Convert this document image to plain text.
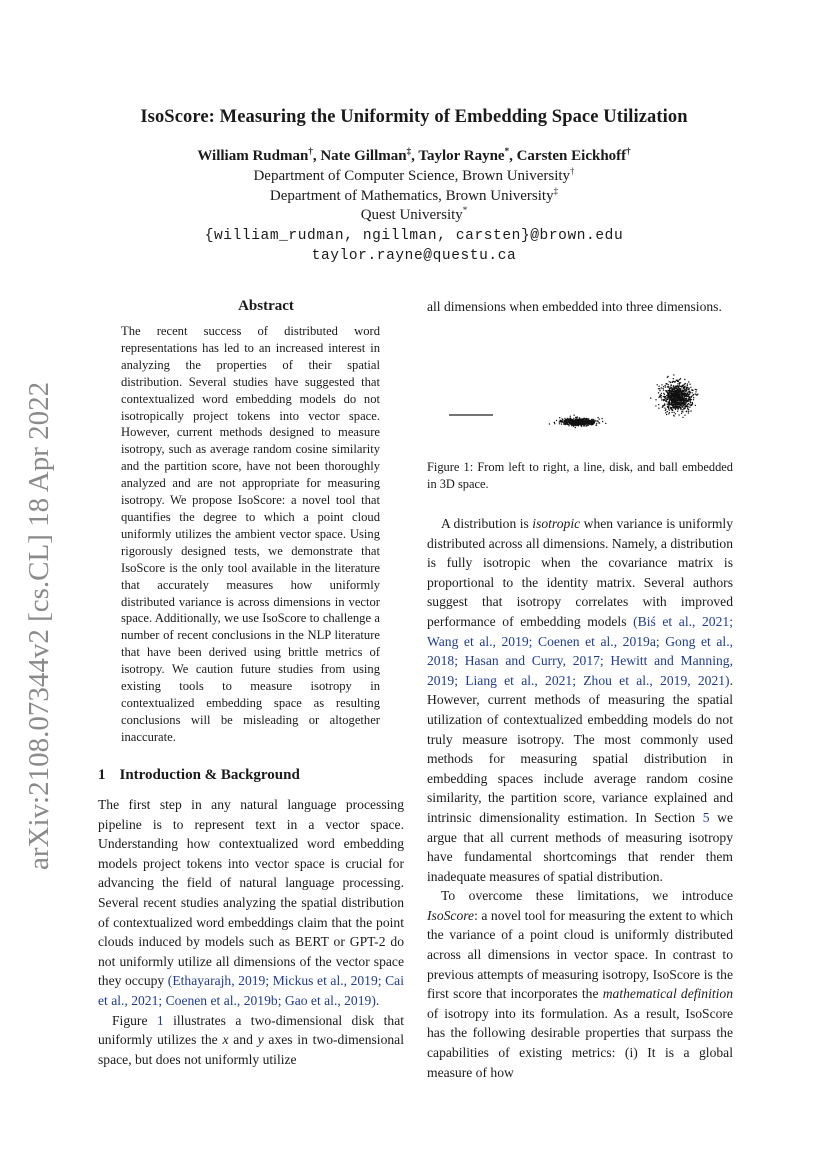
arXiv:2108.07344v2 [cs.CL] 18 Apr 2022
IsoScore: Measuring the Uniformity of Embedding Space Utilization
William Rudman†, Nate Gillman‡, Taylor Rayne*, Carsten Eickhoff†
Department of Computer Science, Brown University†
Department of Mathematics, Brown University‡
Quest University*
{william_rudman, ngillman, carsten}@brown.edu
taylor.rayne@questu.ca
Abstract

The recent success of distributed word representations has led to an increased interest in analyzing the properties of their spatial distribution. Several studies have suggested that contextualized word embedding models do not isotropically project tokens into vector space. However, current methods designed to measure isotropy, such as average random cosine similarity and the partition score, have not been thoroughly analyzed and are not appropriate for measuring isotropy. We propose IsoScore: a novel tool that quantifies the degree to which a point cloud uniformly utilizes the ambient vector space. Using rigorously designed tests, we demonstrate that IsoScore is the only tool available in the literature that accurately measures how uniformly distributed variance is across dimensions in vector space. Additionally, we use IsoScore to challenge a number of recent conclusions in the NLP literature that have been derived using brittle metrics of isotropy. We caution future studies from using existing tools to measure isotropy in contextualized embedding space as resulting conclusions will be misleading or altogether inaccurate.

1 Introduction & Background

The first step in any natural language processing pipeline is to represent text in a vector space. Understanding how contextualized word embedding models project tokens into vector space is crucial for advancing the field of natural language processing. Several recent studies analyzing the spatial distribution of contextualized word embeddings claim that the point clouds induced by models such as BERT or GPT-2 do not uniformly utilize all dimensions of the vector space they occupy (Ethayarajh, 2019; Mickus et al., 2019; Cai et al., 2021; Coenen et al., 2019b; Gao et al., 2019).

Figure 1 illustrates a two-dimensional disk that uniformly utilizes the x and y axes in two-dimensional space, but does not uniformly utilize

all dimensions when embedded into three dimensions.

Figure 1: From left to right, a line, disk, and ball embedded in 3D space.

A distribution is isotropic when variance is uniformly distributed across all dimensions. Namely, a distribution is fully isotropic when the covariance matrix is proportional to the identity matrix. Several authors suggest that isotropy correlates with improved performance of embedding models (Biś et al., 2021; Wang et al., 2019; Coenen et al., 2019a; Gong et al., 2018; Hasan and Curry, 2017; Hewitt and Manning, 2019; Liang et al., 2021; Zhou et al., 2019, 2021). However, current methods of measuring the spatial utilization of contextualized embedding models do not truly measure isotropy. The most commonly used methods for measuring spatial distribution in embedding spaces include average random cosine similarity, the partition score, variance explained and intrinsic dimensionality estimation. In Section 5 we argue that all current methods of measuring isotropy have fundamental shortcomings that render them inadequate measures of spatial distribution.

To overcome these limitations, we introduce IsoScore: a novel tool for measuring the extent to which the variance of a point cloud is uniformly distributed across all dimensions in vector space. In contrast to previous attempts of measuring isotropy, IsoScore is the first score that incorporates the mathematical definition of isotropy into its formulation. As a result, IsoScore has the following desirable properties that surpass the capabilities of existing metrics: (i) It is a global measure of how
